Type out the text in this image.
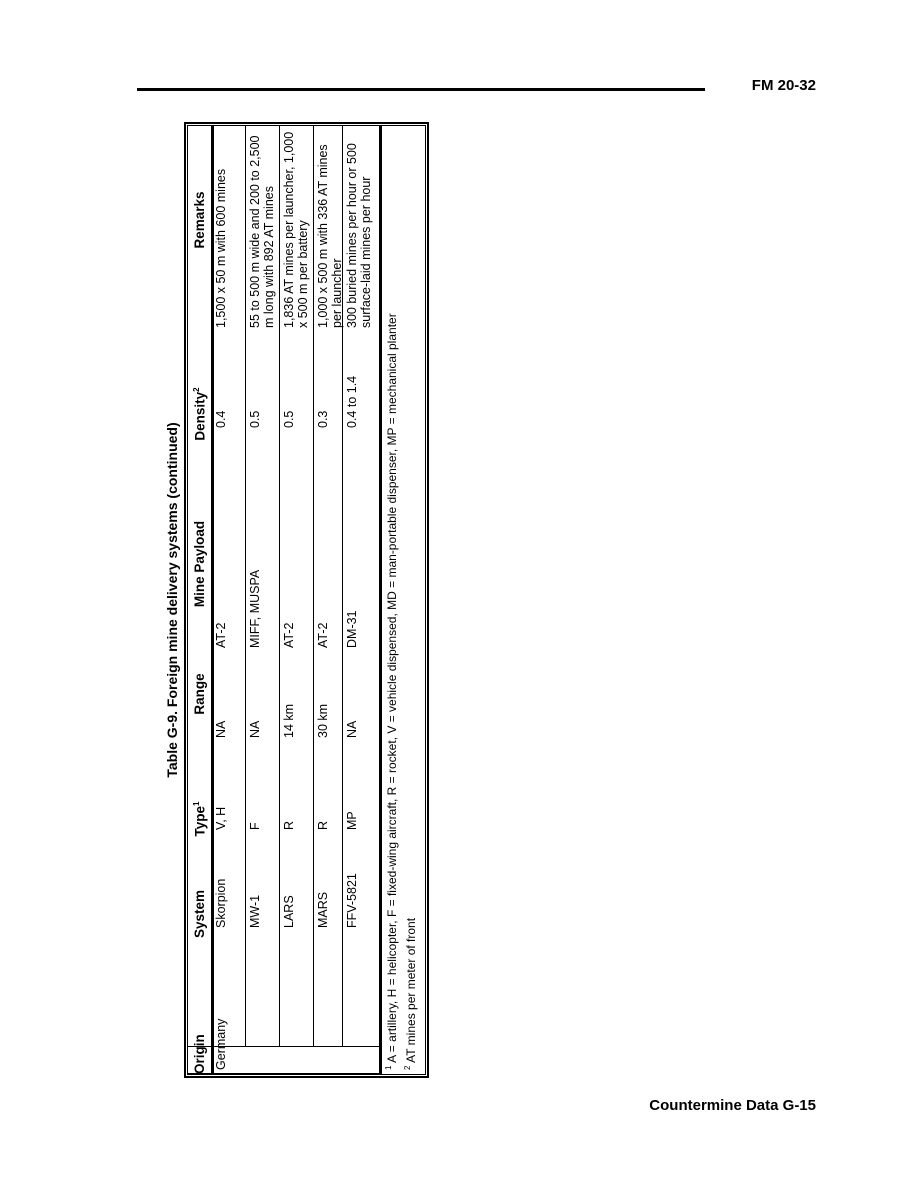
FM 20-32
Table G-9. Foreign mine delivery systems (continued)
Origin
System
Type$^1$
Range
Mine Payload
Density$^2$
Remarks
Germany
Skorpion
V, H
NA
AT-2
0.4
1,500 x 50 m with 600 mines
MW-1
F
NA
MIFF, MUSPA
0.5
55 to 500 m wide and 200 to 2,500 m long with 892 AT mines
LARS
R
14 km
AT-2
0.5
1,836 AT mines per launcher, 1,000 x 500 m per battery
MARS
R
30 km
AT-2
0.3
1,000 x 500 m with 336 AT mines per launcher
FFV-5821
MP
NA
DM-31
0.4 to 1.4
300 buried mines per hour or 500 surface-laid mines per hour
$^1$ A = artillery, H = helicopter, F = fixed-wing aircraft, R = rocket, V = vehicle dispensed, MD = man-portable dispenser, MP = mechanical planter
$^2$ AT mines per meter of front
Countermine Data G-15
